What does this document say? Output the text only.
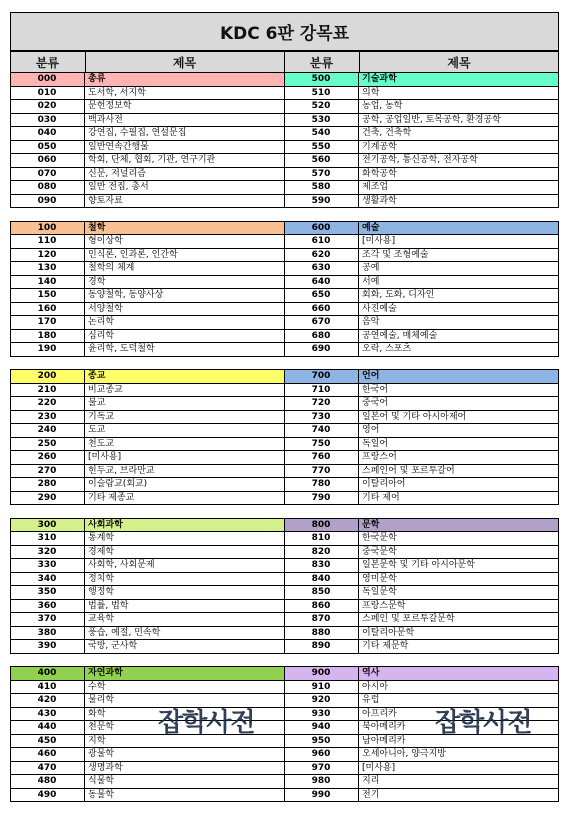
KDC 6판 강목표
분류	제목	분류	제목
000	총류	500	기술과학
010	도서학, 서지학	510	의학
020	문헌정보학	520	농업, 농학
030	백과사전	530	공학, 공업일반, 토목공학, 환경공학
040	강연집, 수필집, 연설문집	540	건축, 건축학
050	일반연속간행물	550	기계공학
060	학회, 단체, 협회, 기관, 연구기관	560	전기공학, 통신공학, 전자공학
070	신문, 저널리즘	570	화학공학
080	일반 전집, 총서	580	제조업
090	향토자료	590	생활과학
100	철학	600	예술
110	형이상학	610	[미사용]
120	인식론, 인과론, 인간학	620	조각 및 조형예술
130	철학의 체계	630	공예
140	경학	640	서예
150	동양철학, 동양사상	650	회화, 도화, 디자인
160	서양철학	660	사진예술
170	논리학	670	음악
180	심리학	680	공연예술, 매체예술
190	윤리학, 도덕철학	690	오락, 스포츠
200	종교	700	언어
210	비교종교	710	한국어
220	불교	720	중국어
230	기독교	730	일본어 및 기타 아시아제어
240	도교	740	영어
250	천도교	750	독일어
260	[미사용]	760	프랑스어
270	힌두교, 브라만교	770	스페인어 및 포르투갈어
280	이슬람교(회교)	780	이탈리아어
290	기타 제종교	790	기타 제어
300	사회과학	800	문학
310	통계학	810	한국문학
320	경제학	820	중국문학
330	사회학, 사회문제	830	일본문학 및 기타 아시아문학
340	정치학	840	영미문학
350	행정학	850	독일문학
360	법률, 법학	860	프랑스문학
370	교육학	870	스페인 및 포르투갈문학
380	풍습, 예절, 민속학	880	이탈리아문학
390	국방, 군사학	890	기타 제문학
400	자연과학	900	역사
410	수학	910	아시아
420	물리학	920	유럽
430	화학	930	아프리카
440	천문학	940	북아메리카
450	지학	950	남아메리카
460	광물학	960	오세아니아, 양극지방
470	생명과학	970	[미사용]
480	식물학	980	지리
490	동물학	990	전기
잡학사전	잡학사전
